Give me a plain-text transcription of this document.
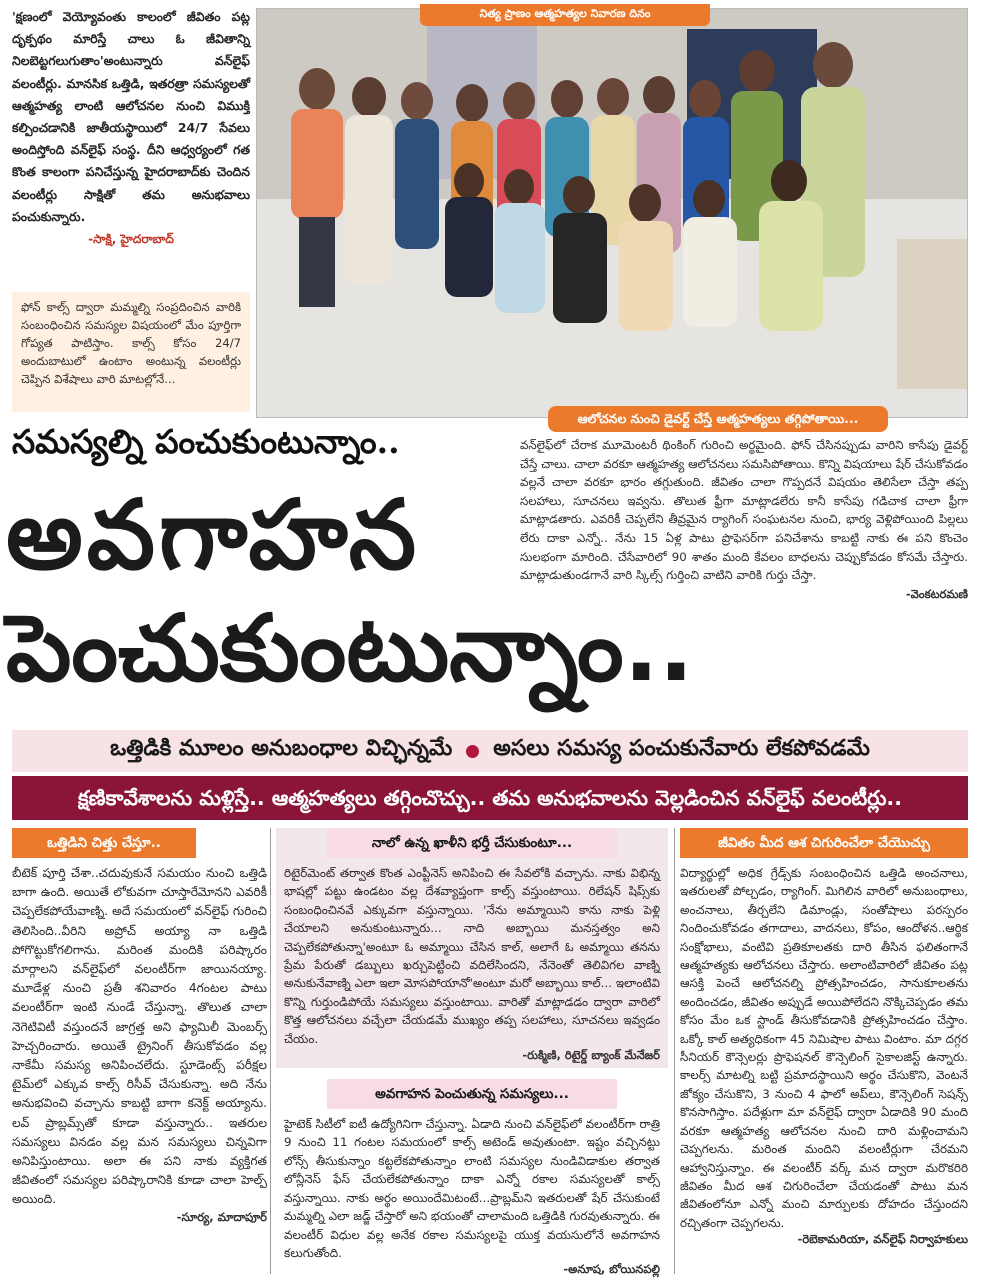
'క్షణంలో వెయ్యోవంతు కాలంలో జీవితం పట్ల దృక్పథం మారిస్తే చాలు ఓ జీవితాన్ని నిలబెట్టగలుగుతాం'అంటున్నారు వన్‌లైఫ్ వలంటీర్లు. మానసిక ఒత్తిడి, ఇతరత్రా సమస్యలతో ఆత్మహత్య లాంటి ఆలోచనల నుంచి విముక్తి కల్పించడానికి జాతీయస్థాయిలో 24/7 సేవలు అందిస్తోంది వన్‌లైఫ్ సంస్థ. దీని ఆధ్వర్యంలో గత కొంత కాలంగా పనిచేస్తున్న హైదరాబాద్‌కు చెందిన వలంటీర్లు సాక్షితో తమ అనుభవాలు పంచుకున్నారు.

-సాక్షి, హైదరాబాద్

ఫోన్ కాల్స్ ద్వారా మమ్మల్ని సంప్రదించిన వారికి సంబంధించిన సమస్యల విషయంలో మేం పూర్తిగా గోప్యత పాటిస్తాం. కాల్స్ కోసం 24/7 అందుబాటులో ఉంటాం అంటున్న వలంటీర్లు చెప్పిన విశేషాలు వారి మాటల్లోనే...
నిత్య ప్రాణం ఆత్మహత్యల నివారణ దినం
ఆలోచనల నుంచి డైవర్ట్ చేస్తే ఆత్మహత్యలు తగ్గిపోతాయి...
సమస్యల్ని పంచుకుంటున్నాం..
అవగాహన
పెంచుకుంటున్నాం..

వన్‌లైఫ్‌లో చేరాక మూమెంటరీ థింకింగ్ గురించి అర్థమైంది. ఫోన్ చేసినప్పుడు వారిని కాసేపు డైవర్ట్ చేస్తే చాలు. చాలా వరకూ ఆత్మహత్య ఆలోచనలు సమసిపోతాయి. కొన్ని విషయాలు షేర్ చేసుకోవడం వల్లనే చాలా వరకూ భారం తగ్గుతుంది. జీవితం చాలా గొప్పదనే విషయం తెలిసేలా చేస్తా తప్ప సలహాలు, సూచనలు ఇవ్వను. తొలుత ఫ్రీగా మాట్లాడలేరు కానీ కాసేపు గడిచాక చాలా ఫ్రీగా మాట్లాడతారు. ఎవరికీ చెప్పలేని తీవ్రమైన ర్యాగింగ్ సంఘటనల నుంచి, భార్య వెళ్లిపోయింది పిల్లలు లేరు దాకా ఎన్నో.. నేను 15 ఏళ్ల పాటు ప్రొఫెసర్‌గా పనిచేశాను కాబట్టి నాకు ఈ పని కొంచెం సులభంగా మారింది. చేసేవారిలో 90 శాతం మంది కేవలం బాధలను చెప్పుకోవడం కోసమే చేస్తారు. మాట్లాడుతుండగానే వారి స్కిల్స్ గుర్తించి వాటిని వారికి గుర్తు చేస్తా.

-వెంకటరమణి

ఒత్తిడికి మూలం అనుబంధాల విచ్ఛిన్నమే అసలు సమస్య పంచుకునేవారు లేకపోవడమే
క్షణికావేశాలను మళ్లిస్తే.. ఆత్మహత్యలు తగ్గించొచ్చు.. తమ అనుభవాలను వెల్లడించిన వన్‌లైఫ్ వలంటీర్లు..
ఒత్తిడిని చిత్తు చేస్తూ..

బీటెక్ పూర్తి చేశా..చదువుకునే సమయం నుంచి ఒత్తిడి బాగా ఉంది. అయితే లోకువగా చూస్తారేమోనని ఎవరికీ చెప్పలేకపోయేవాణ్ని. అదే సమయంలో వన్‌లైఫ్ గురించి తెలిసింది..వీరిని అప్రోచ్ అయ్యా నా ఒత్తిడి పోగొట్టుకోగలిగాను. మరింత మందికి పరిష్కారం మార్గాలని వన్‌లైఫ్‌లో వలంటీర్‌గా జాయినయ్యా. మూడేళ్ల నుంచి ప్రతీ శనివారం 4గంటల పాటు వలంటీర్‌గా ఇంటి నుండే చేస్తున్నా. తొలుత చాలా నెగెటివిటీ వస్తుందనే జాగ్రత్త అని ఫ్యామిలీ మెంబర్స్ హెచ్చరించారు. అయితే ట్రైనింగ్ తీసుకోవడం వల్ల నాకేమీ సమస్య అనిపించలేదు. స్టూడెంట్స్ పరీక్షల టైమ్‌లో ఎక్కువ కాల్స్ రిసీవ్ చేసుకున్నా. అది నేను అనుభవించి వచ్చాను కాబట్టి బాగా కనెక్ట్ అయ్యాను. లవ్ ప్రాబ్లమ్స్‌తో కూడా వస్తున్నారు.. ఇతరుల సమస్యలు వినడం వల్ల మన సమస్యలు చిన్నవిగా అనిపిస్తుంటాయి. అలా ఈ పని నాకు వ్యక్తిగత జీవితంలో సమస్యల పరిష్కారానికి కూడా చాలా హెల్ప్ అయింది.

-సూర్య, మాదాపూర్

నాలో ఉన్న ఖాళీని భర్తీ చేసుకుంటూ...

రిటైర్‌మెంట్ తర్వాత కొంత ఎంప్టీనెస్ అనిపించి ఈ సేవలోకి వచ్చాను. నాకు విభిన్న భాషల్లో పట్టు ఉండటం వల్ల దేశవ్యాప్తంగా కాల్స్ వస్తుంటాయి. రిలేషన్ షిప్స్‌కు సంబంధించినవే ఎక్కువగా వస్తున్నాయి. 'నేను అమ్మాయిని కాను నాకు పెళ్లి చేయాలని అనుకుంటున్నారు... నాది అబ్బాయి మనస్తత్వం అని చెప్పలేకపోతున్నా'అంటూ ఓ అమ్మాయి చేసిన కాల్, అలాగే ఓ అమ్మాయి తనను ప్రేమ పేరుతో డబ్బులు ఖర్చుపెట్టించి వదిలేసిందని, నేనెంతో తెలివిగల వాణ్ని అనుకునేవాణ్ని ఎలా ఇలా మోసపోయానో'అంటూ మరో అబ్బాయి కాల్... ఇలాంటివి కొన్ని గుర్తుండిపోయే సమస్యలు వస్తుంటాయి. వారితో మాట్లాడడం ద్వారా వారిలో కొత్త ఆలోచనలు వచ్చేలా చేయడమే ముఖ్యం తప్ప సలహాలు, సూచనలు ఇవ్వడం చేయం.

-రుక్మిణి, రిటైర్డ్ బ్యాంక్ మేనేజర్

అవగాహన పెంచుతున్న సమస్యలు...

హైటెక్ సిటీలో ఐటీ ఉద్యోగినిగా చేస్తున్నా. ఏడాది నుంచి వన్‌లైఫ్‌లో వలంటీర్‌గా రాత్రి 9 నుంచి 11 గంటల సమయంలో కాల్స్ అటెండ్ అవుతుంటా. ఇష్టం వచ్చినట్టు లోన్స్ తీసుకున్నాం కట్టలేకపోతున్నాం లాంటి సమస్యల నుండివిడాకుల తర్వాత లోన్లీనెస్ ఫేస్ చేయలేకపోతున్నాం దాకా ఎన్నో రకాల సమస్యలతో కాల్స్ వస్తున్నాయి. నాకు అర్థం అయిందేమిటంటే...ప్రాబ్లమ్‌ని ఇతరులతో షేర్ చేసుకుంటే మమ్మల్ని ఎలా జడ్జ్ చేస్తారో అని భయంతో చాలామంది ఒత్తిడికి గురవుతున్నారు. ఈ వలంటీర్ విధుల వల్ల అనేక రకాల సమస్యలపై యుక్త వయసులోనే అవగాహన కలుగుతోంది.

-అనూష, బోయినపల్లి

జీవితం మీద ఆశ చిగురించేలా చేయొచ్చు

విద్యార్థుల్లో అధిక గ్రేడ్స్‌కు సంబంధించిన ఒత్తిడి అంచనాలు, ఇతరులతో పోల్చడం, ర్యాగింగ్. మిగిలిన వారిలో అనుబంధాలు, అంచనాలు, తీర్చలేని డిమాండ్లు, సంతోషాలు పరస్పరం నిందించుకోవడం తగాదాలు, వాదనలు, కోపం, ఆందోళన..ఆర్థిక సంక్షోభాలు, వంటివి ప్రతికూలతకు దారి తీసిన ఫలితంగానే ఆత్మహత్యకు ఆలోచనలు చేస్తారు. అలాంటివారిలో జీవితం పట్ల ఆసక్తి పెంచే ఆలోచనల్ని ప్రోత్సహించడం, సానుకూలతను అందించడం, జీవితం అప్పుడే అయిపోలేదని నొక్కిచెప్పడం తమ కోసం మేం ఒక స్టాండ్ తీసుకోవడానికి ప్రోత్సహించడం చేస్తాం. ఒక్కో కాల్ అత్యధికంగా 45 నిమిషాల పాటు వింటాం. మా దగ్గర సీనియర్ కౌన్సెలర్లు ప్రొఫెషనల్ కౌన్సెలింగ్ సైకాలజిస్ట్ ఉన్నారు. కాలర్స్ మాటల్ని బట్టి ప్రమాదస్థాయిని అర్థం చేసుకొని, వెంటనే జోక్యం చేసుకొని, 3 నుంచి 4 ఫాలో అప్‌లు, కౌన్సెలింగ్ సెషన్స్ కొనసాగిస్తాం. పదేళ్లుగా మా వన్‌లైఫ్ ద్వారా ఏడాదికి 90 మంది వరకూ ఆత్మహత్య ఆలోచనల నుంచి దారి మళ్లించామని చెప్పగలను. మరింత మందిని వలంటీర్లుగా చేరమని ఆహ్వానిస్తున్నాం. ఈ వలంటీర్ వర్క్ మన ద్వారా మరొకరిరి జీవితం మీద ఆశ చిగురించేలా చేయడంతో పాటు మన జీవితంలోనూ ఎన్నో మంచి మార్పులకు దోహదం చేస్తుందని రచ్చితంగా చెప్పగలను.

-రెబెకామరియా, వన్‌లైఫ్ నిర్వాహకులు
